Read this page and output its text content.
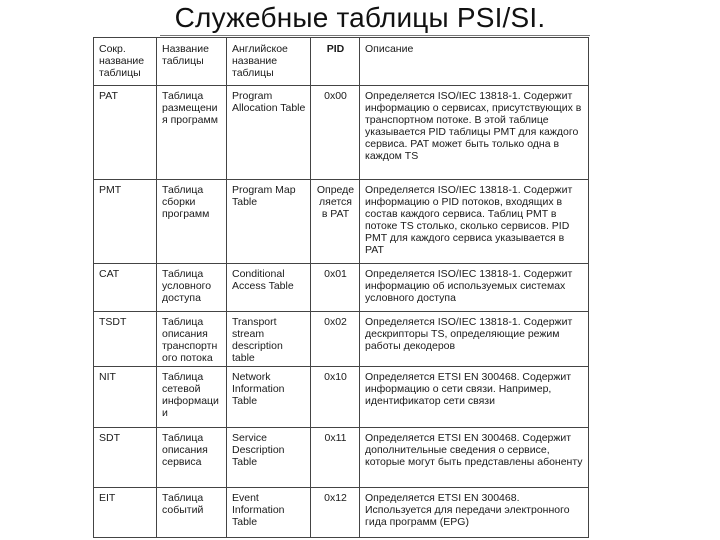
Служебные таблицы PSI/SI.
Сокр. название таблицы	Название таблицы	Английское название таблицы	PID	Описание
PAT	Таблица размещения программ	Program Allocation Table	0x00	Определяется ISO/IEC 13818-1. Содержит информацию о сервисах, присутствующих в транспортном потоке. В этой таблице указывается PID таблицы PMT для каждого сервиса. PAT может быть только одна в каждом TS
PMT	Таблица сборки программ	Program Map Table	Определяется в PAT	Определяется ISO/IEC 13818-1. Содержит информацию о PID потоков, входящих в состав каждого сервиса. Таблиц PMT в потоке TS столько, сколько сервисов. PID PMT для каждого сервиса указывается в PAT
CAT	Таблица условного доступа	Conditional Access Table	0x01	Определяется ISO/IEC 13818-1. Содержит информацию об используемых системах условного доступа
TSDT	Таблица описания транспортного потока	Transport stream description table	0x02	Определяется ISO/IEC 13818-1. Содержит дескрипторы TS, определяющие режим работы декодеров
NIT	Таблица сетевой информации	Network Information Table	0x10	Определяется ETSI EN 300468. Содержит информацию о сети связи. Например, идентификатор сети связи
SDT	Таблица описания сервиса	Service Description Table	0x11	Определяется ETSI EN 300468. Содержит дополнительные сведения о сервисе, которые могут быть представлены абоненту
EIT	Таблица событий	Event Information Table	0x12	Определяется ETSI EN 300468. Используется для передачи электронного гида программ (EPG)
